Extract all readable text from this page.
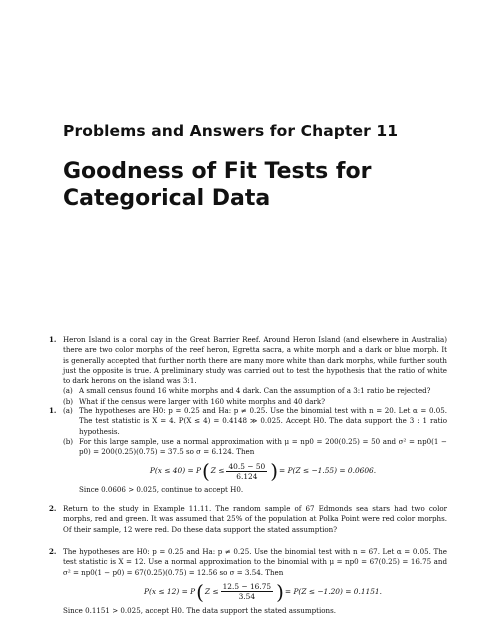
Problems and Answers for Chapter 11
Goodness of Fit Tests for Categorical Data
1. Heron Island is a coral cay in the Great Barrier Reef. Around Heron Island (and elsewhere in Australia) there are two color morphs of the reef heron, Egretta sacra, a white morph and a dark or blue morph. It is generally accepted that further north there are many more white than dark morphs, while further south just the opposite is true. A preliminary study was carried out to test the hypothesis that the ratio of white to dark herons on the island was 3:1.
(a) A small census found 16 white morphs and 4 dark. Can the assumption of a 3:1 ratio be rejected?
(b) What if the census were larger with 160 white morphs and 40 dark?
1. (a) The hypotheses are H0: p = 0.25 and Ha: p ≠ 0.25. Use the binomial test with n = 20. Let α = 0.05. The test statistic is X = 4. P(X ≤ 4) = 0.4148 ≫ 0.025. Accept H0. The data support the 3 : 1 ratio hypothesis.
(b) For this large sample, use a normal approximation with μ = np0 = 200(0.25) = 50 and σ² = np0(1 − p0) = 200(0.25)(0.75) = 37.5 so σ = 6.124. Then
P(x ≤ 40) = P ( $Z \le \frac{40.5 - 50}{6.124}$ ) = P(Z ≤ −1.55) = 0.0606.
Since 0.0606 > 0.025, continue to accept H0.
2. Return to the study in Example 11.11. The random sample of 67 Edmonds sea stars had two color morphs, red and green. It was assumed that 25% of the population at Polka Point were red color morphs. Of their sample, 12 were red. Do these data support the stated assumption?
2. The hypotheses are H0: p = 0.25 and Ha: p ≠ 0.25. Use the binomial test with n = 67. Let α = 0.05. The test statistic is X = 12. Use a normal approximation to the binomial with μ = np0 = 67(0.25) = 16.75 and σ² = np0(1 − p0) = 67(0.25)(0.75) = 12.56 so σ = 3.54. Then
P(x ≤ 12) = P ( $Z \le \frac{12.5 - 16.75}{3.54}$ ) = P(Z ≤ −1.20) = 0.1151.
Since 0.1151 > 0.025, accept H0. The data support the stated assumptions.
